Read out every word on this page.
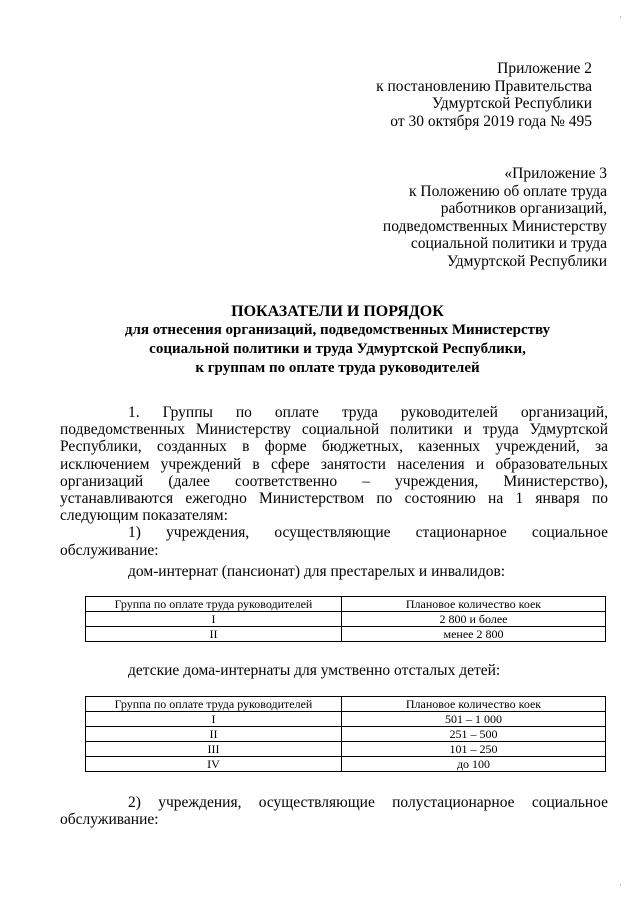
Приложение 2
к постановлению Правительства
Удмуртской Республики
от 30 октября 2019 года № 495
«Приложение 3
к Положению об оплате труда
работников организаций,
подведомственных Министерству
социальной политики и труда
Удмуртской Республики
ПОКАЗАТЕЛИ И ПОРЯДОК
для отнесения организаций, подведомственных Министерству
социальной политики и труда Удмуртской Республики,
к группам по оплате труда руководителей
1. Группы по оплате труда руководителей организаций,
подведомственных Министерству социальной политики и труда Удмуртской
Республики, созданных в форме бюджетных, казенных учреждений, за
исключением учреждений в сфере занятости населения и образовательных
организаций (далее соответственно – учреждения, Министерство),
устанавливаются ежегодно Министерством по состоянию на 1 января по
следующим показателям:
1) учреждения, осуществляющие стационарное социальное
обслуживание:
дом-интернат (пансионат) для престарелых и инвалидов:
Группа по оплате труда руководителей	Плановое количество коек
I	2 800 и более
II	менее 2 800
детские дома-интернаты для умственно отсталых детей:
Группа по оплате труда руководителей	Плановое количество коек
I	501 – 1 000
II	251 – 500
III	101 – 250
IV	до 100
2) учреждения, осуществляющие полустационарное социальное
обслуживание:
·
·
